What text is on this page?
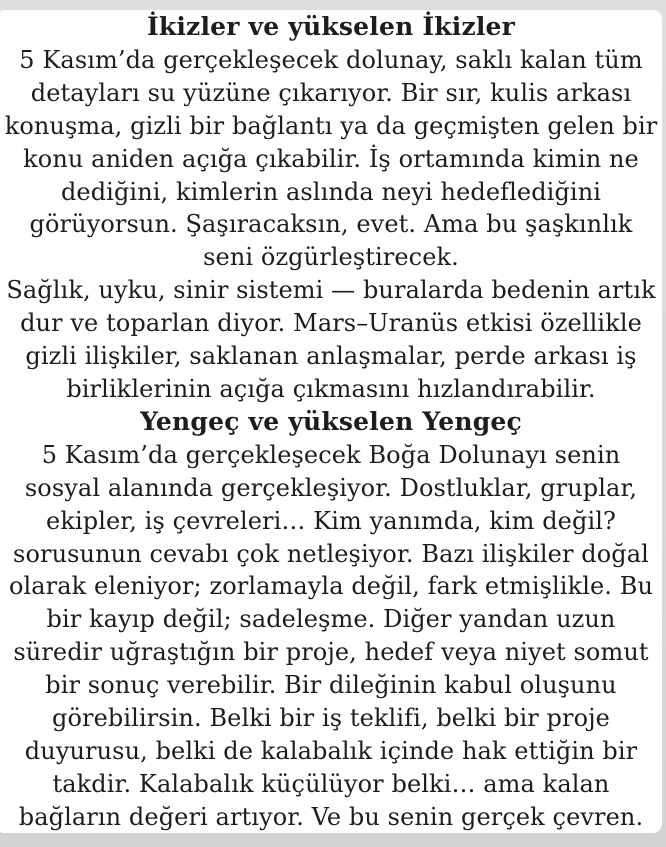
İkizler ve yükselen İkizler
5 Kasım’da gerçekleşecek dolunay, saklı kalan tüm
detayları su yüzüne çıkarıyor. Bir sır, kulis arkası
konuşma, gizli bir bağlantı ya da geçmişten gelen bir
konu aniden açığa çıkabilir. İş ortamında kimin ne
dediğini, kimlerin aslında neyi hedeflediğini
görüyorsun. Şaşıracaksın, evet. Ama bu şaşkınlık
seni özgürleştirecek.
Sağlık, uyku, sinir sistemi — buralarda bedenin artık
dur ve toparlan diyor. Mars–Uranüs etkisi özellikle
gizli ilişkiler, saklanan anlaşmalar, perde arkası iş
birliklerinin açığa çıkmasını hızlandırabilir.
Yengeç ve yükselen Yengeç
5 Kasım’da gerçekleşecek Boğa Dolunayı senin
sosyal alanında gerçekleşiyor. Dostluklar, gruplar,
ekipler, iş çevreleri… Kim yanımda, kim değil?
sorusunun cevabı çok netleşiyor. Bazı ilişkiler doğal
olarak eleniyor; zorlamayla değil, fark etmişlikle. Bu
bir kayıp değil; sadeleşme. Diğer yandan uzun
süredir uğraştığın bir proje, hedef veya niyet somut
bir sonuç verebilir. Bir dileğinin kabul oluşunu
görebilirsin. Belki bir iş teklifi, belki bir proje
duyurusu, belki de kalabalık içinde hak ettiğin bir
takdir. Kalabalık küçülüyor belki… ama kalan
bağların değeri artıyor. Ve bu senin gerçek çevren.
